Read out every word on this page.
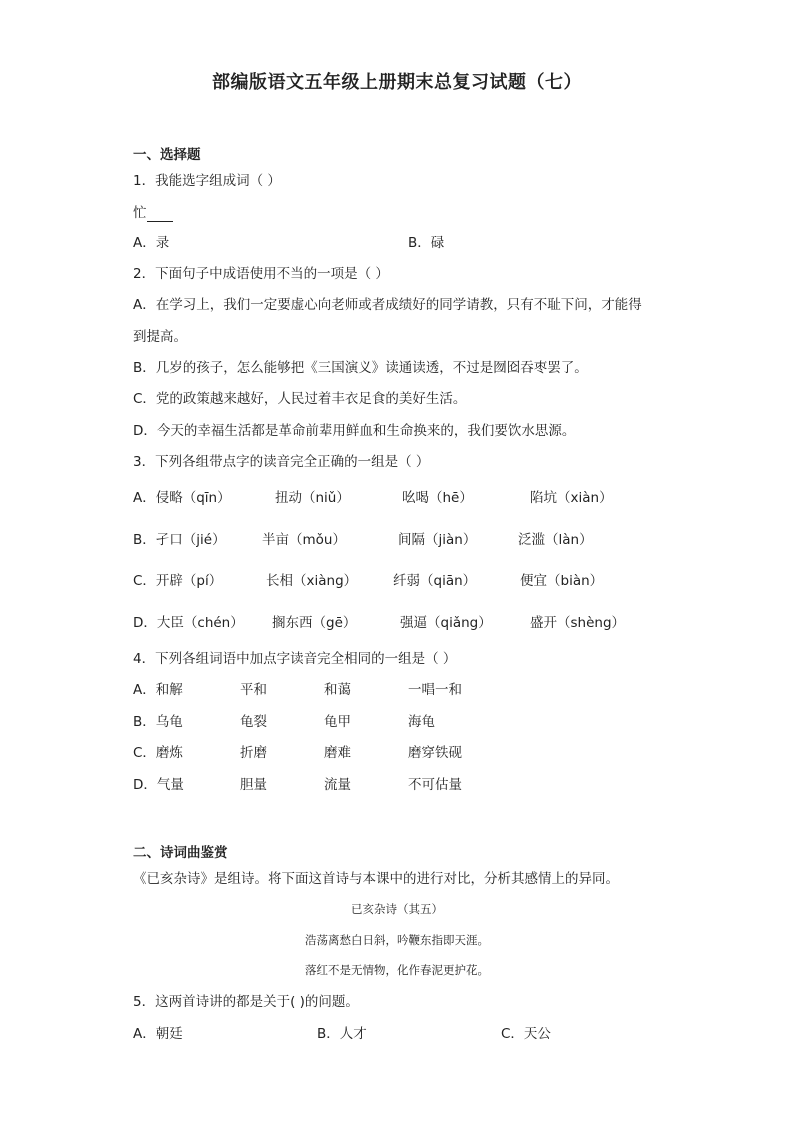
部编版语文五年级上册期末总复习试题（七）
一、选择题
1．我能选字组成词（ ）
忙
A．录	B．碌
2．下面句子中成语使用不当的一项是（ ）
A．在学习上，我们一定要虚心向老师或者成绩好的同学请教，只有不耻下问，才能得
到提高。
B．几岁的孩子，怎么能够把《三国演义》读通读透，不过是囫囵吞枣罢了。
C．党的政策越来越好，人民过着丰衣足食的美好生活。
D．今天的幸福生活都是革命前辈用鲜血和生命换来的，我们要饮水思源。
3．下列各组带点字的读音完全正确的一组是（ ）
A．侵略（qīn）	扭动（niǔ）	吆喝（hē）	陷坑（xiàn）
B．孑口（jié）	半亩（mǒu）	间隔（jiàn）	泛滥（làn）
C．开辟（pí）	长相（xiàng）	纤弱（qiān）	便宜（biàn）
D．大臣（chén） 搁东西（gē）	强逼（qiǎng）	盛开（shèng）
4．下列各组词语中加点字读音完全相同的一组是（ ）
A．和解	平和	和蔼	一唱一和
B．乌龟	龟裂	龟甲	海龟
C．磨炼	折磨	磨难	磨穿铁砚
D．气量	胆量	流量	不可估量
二、诗词曲鉴赏
《已亥杂诗》是组诗。将下面这首诗与本课中的进行对比，分析其感情上的异同。
已亥杂诗（其五）
浩荡离愁白日斜，吟鞭东指即天涯。
落红不是无情物，化作春泥更护花。
5．这两首诗讲的都是关于( )的问题。
A．朝廷	B．人才	C．天公
